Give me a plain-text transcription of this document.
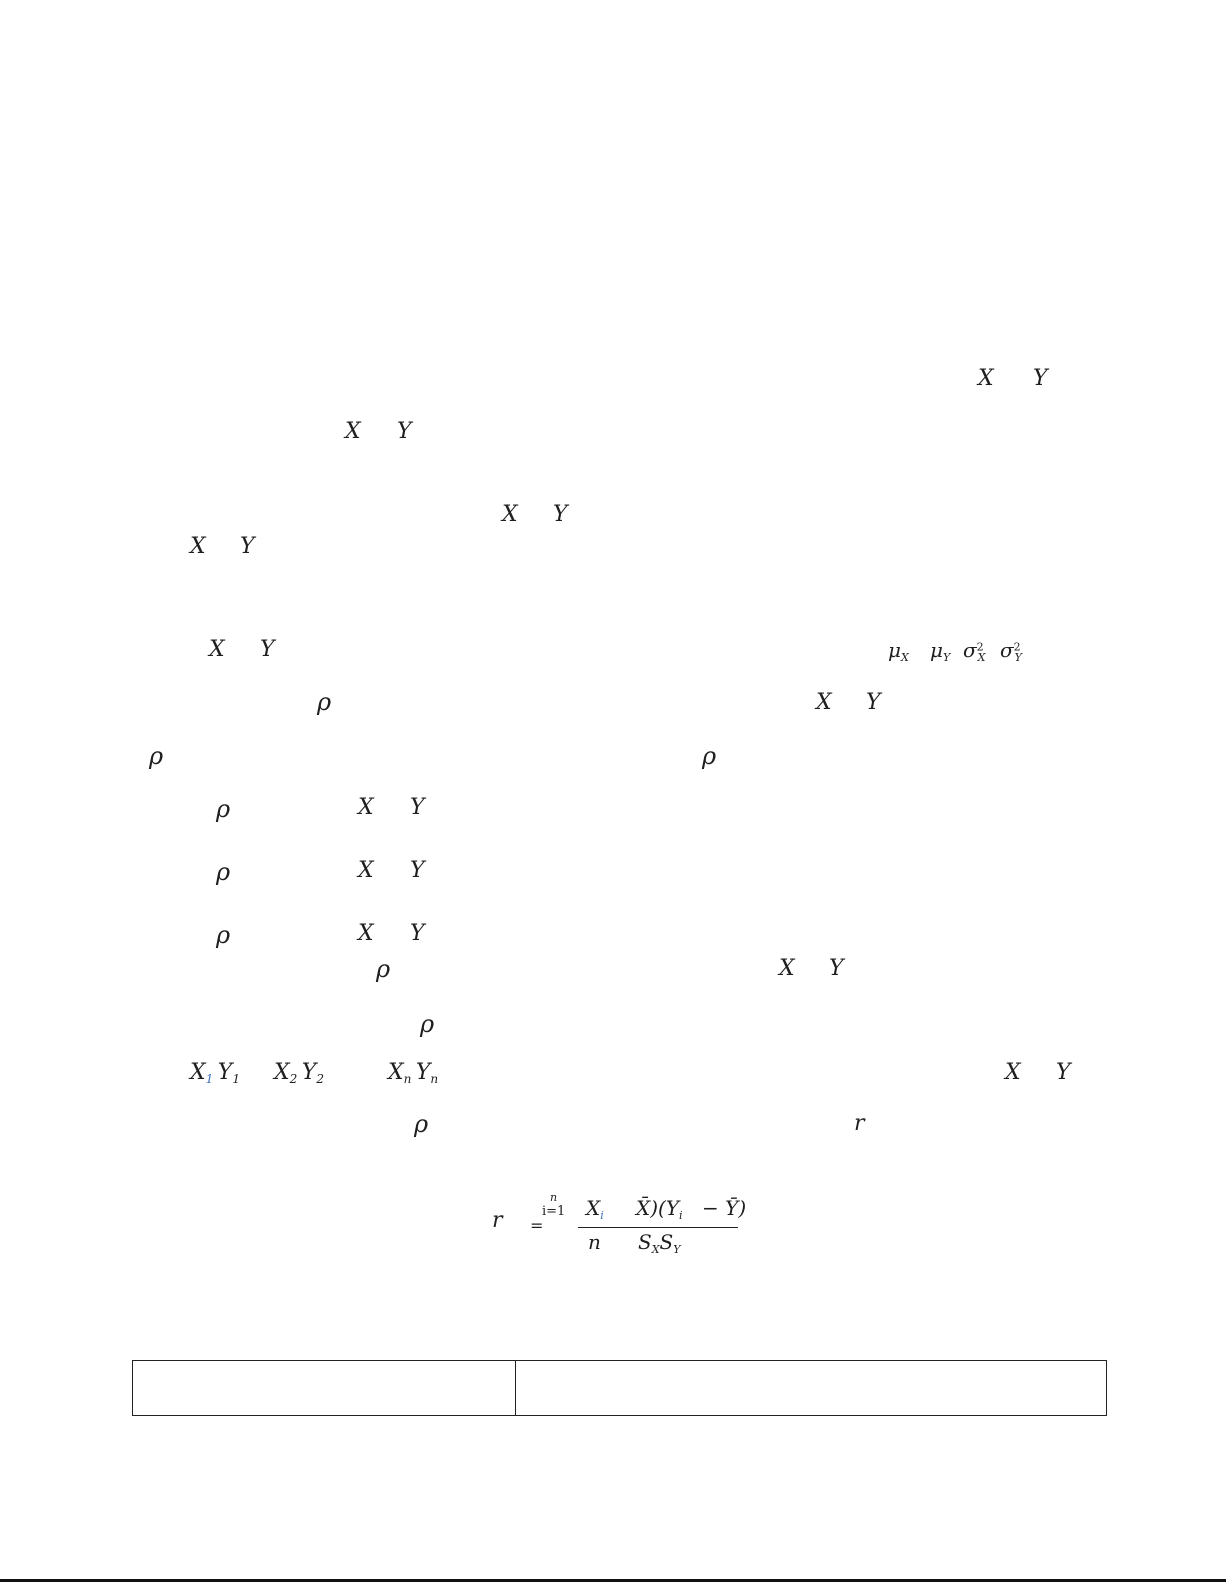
X Y
X Y
X Y
X Y
X Y	$\mu_X$ $\mu_Y$ $\sigma^2_X$ $\sigma^2_Y$
ρ	X Y
ρ	ρ
ρ	X Y
ρ	X Y
ρ	X Y
ρ	X Y
ρ
$X_1$  $Y_1$ $X_2$  $Y_2$	$X_n$  $Y_n$	X Y
ρ	r
r =
n
i=1 $X_i$ $X̄)(Y_i$ − Ȳ)
n $S_XS_Y$
